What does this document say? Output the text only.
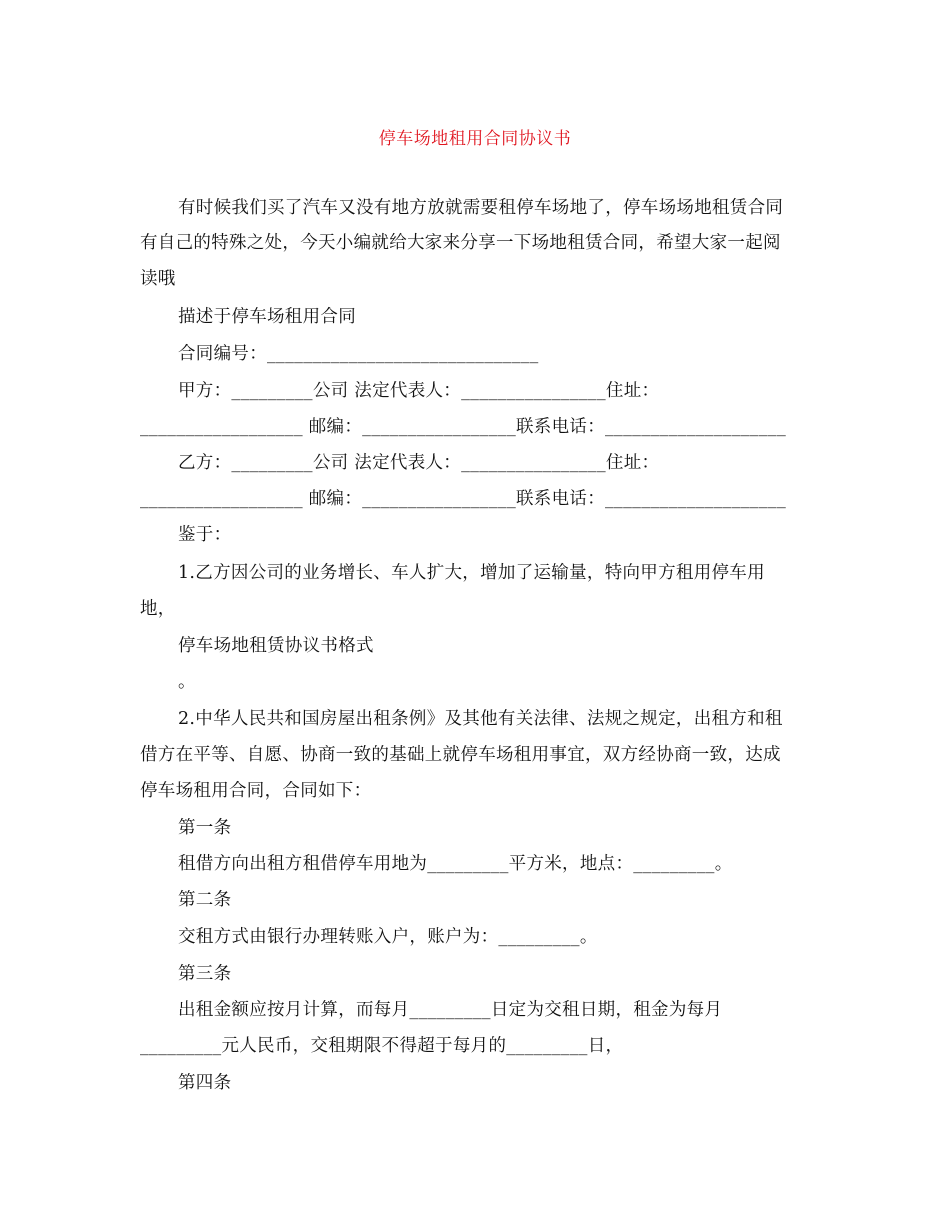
停车场地租用合同协议书
有时候我们买了汽车又没有地方放就需要租停车场地了，停车场场地租赁合同
有自己的特殊之处，今天小编就给大家来分享一下场地租赁合同，希望大家一起阅
读哦
描述于停车场租用合同
合同编号：______________________________
甲方：_________公司 法定代表人：________________住址：
__________________ 邮编：_________________联系电话：____________________
乙方：_________公司 法定代表人：________________住址：
__________________ 邮编：_________________联系电话：____________________
鉴于：
1.乙方因公司的业务增长、车人扩大，增加了运输量，特向甲方租用停车用
地，
停车场地租赁协议书格式
。
2.中华人民共和国房屋出租条例》及其他有关法律、法规之规定，出租方和租
借方在平等、自愿、协商一致的基础上就停车场租用事宜，双方经协商一致，达成
停车场租用合同，合同如下：
第一条
租借方向出租方租借停车用地为_________平方米，地点：_________。
第二条
交租方式由银行办理转账入户，账户为：_________。
第三条
出租金额应按月计算，而每月_________日定为交租日期，租金为每月
_________元人民币，交租期限不得超于每月的_________日，
第四条
